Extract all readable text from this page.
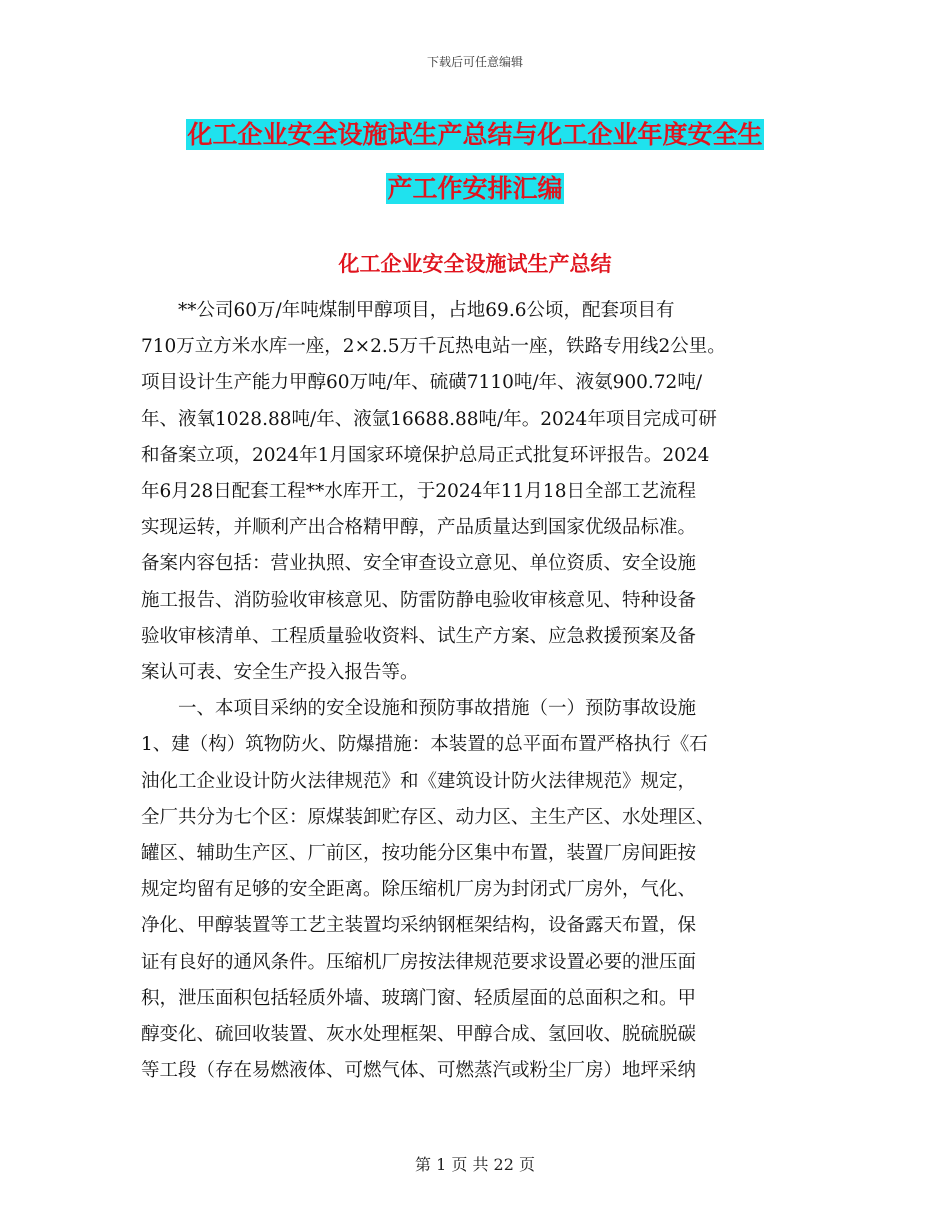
下载后可任意编辑
化工企业安全设施试生产总结与化工企业年度安全生
产工作安排汇编
化工企业安全设施试生产总结
　　**公司60万/年吨煤制甲醇项目，占地69.6公顷，配套项目有
710万立方米水库一座，2×2.5万千瓦热电站一座，铁路专用线2公里。
项目设计生产能力甲醇60万吨/年、硫磺7110吨/年、液氨900.72吨/
年、液氧1028.88吨/年、液氩16688.88吨/年。2024年项目完成可研
和备案立项，2024年1月国家环境保护总局正式批复环评报告。2024
年6月28日配套工程**水库开工，于2024年11月18日全部工艺流程
实现运转，并顺利产出合格精甲醇，产品质量达到国家优级品标准。
备案内容包括：营业执照、安全审查设立意见、单位资质、安全设施
施工报告、消防验收审核意见、防雷防静电验收审核意见、特种设备
验收审核清单、工程质量验收资料、试生产方案、应急救援预案及备
案认可表、安全生产投入报告等。
　　一、本项目采纳的安全设施和预防事故措施（一）预防事故设施
1、建（构）筑物防火、防爆措施：本装置的总平面布置严格执行《石
油化工企业设计防火法律规范》和《建筑设计防火法律规范》规定，
全厂共分为七个区：原煤装卸贮存区、动力区、主生产区、水处理区、
罐区、辅助生产区、厂前区，按功能分区集中布置，装置厂房间距按
规定均留有足够的安全距离。除压缩机厂房为封闭式厂房外，气化、
净化、甲醇装置等工艺主装置均采纳钢框架结构，设备露天布置，保
证有良好的通风条件。压缩机厂房按法律规范要求设置必要的泄压面
积，泄压面积包括轻质外墙、玻璃门窗、轻质屋面的总面积之和。甲
醇变化、硫回收装置、灰水处理框架、甲醇合成、氢回收、脱硫脱碳
等工段（存在易燃液体、可燃气体、可燃蒸汽或粉尘厂房）地坪采纳
第 1 页 共 22 页
